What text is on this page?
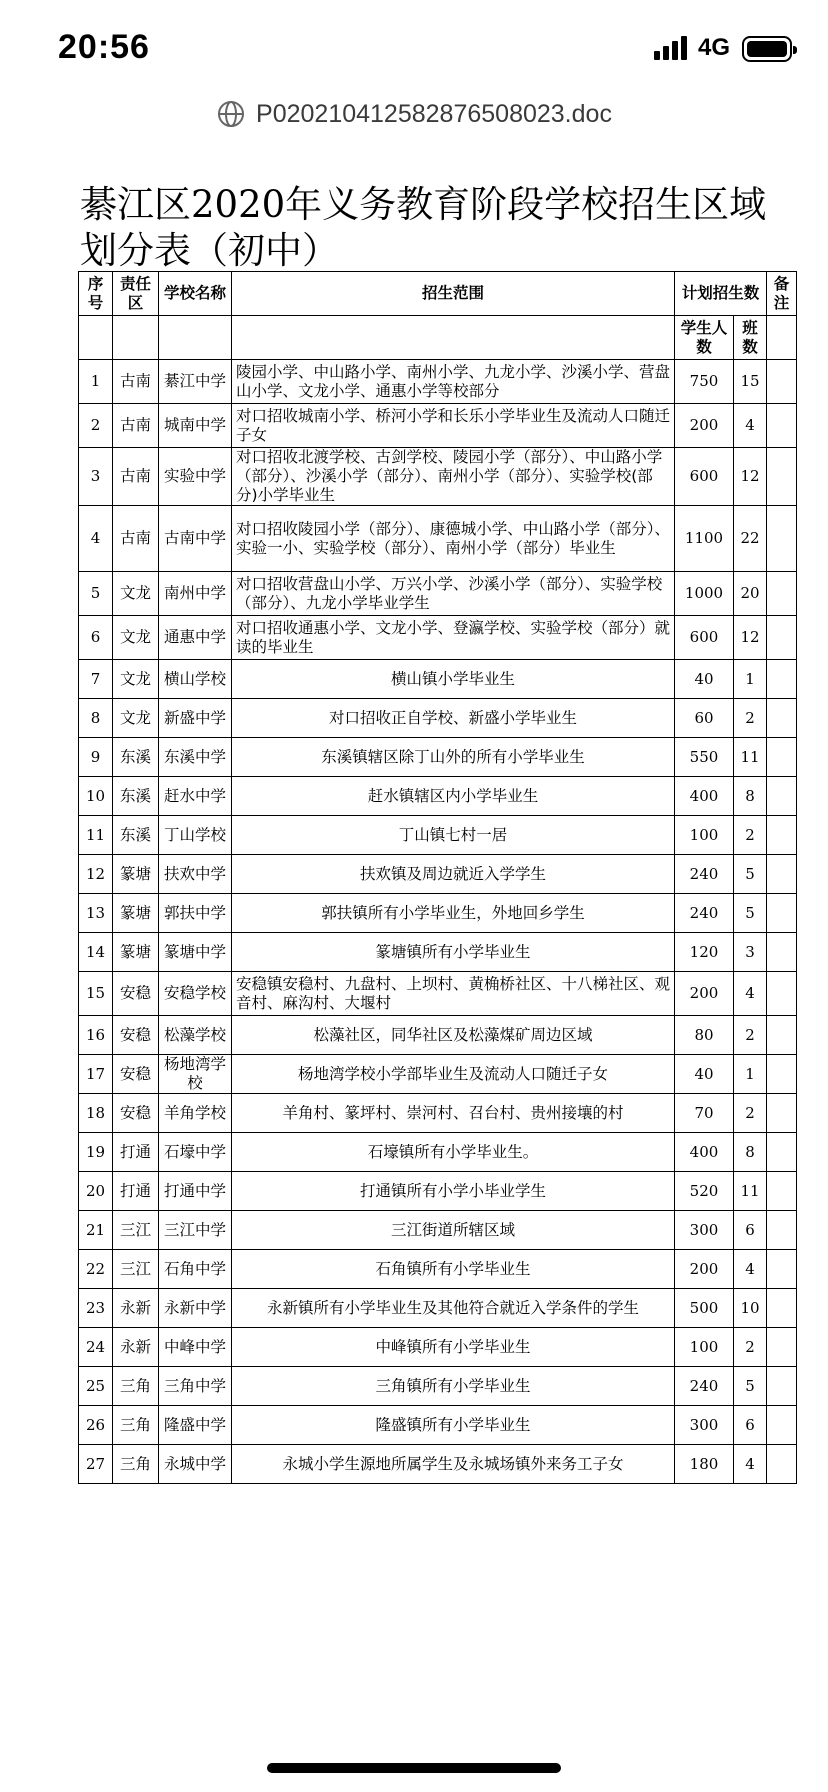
20:56	4G
P020210412582876508023.doc
綦江区2020年义务教育阶段学校招生区域划分表（初中）
序号	责任区	学校名称	招生范围	计划招生数		备注
				学生人数	班数	
1	古南	綦江中学	陵园小学、中山路小学、南州小学、九龙小学、沙溪小学、营盘山小学、文龙小学、通惠小学等校部分	750	15	
2	古南	城南中学	对口招收城南小学、桥河小学和长乐小学毕业生及流动人口随迁子女	200	4	
3	古南	实验中学	对口招收北渡学校、古剑学校、陵园小学（部分）、中山路小学（部分）、沙溪小学（部分）、南州小学（部分）、实验学校(部分)小学毕业生	600	12	
4	古南	古南中学	对口招收陵园小学（部分）、康德城小学、中山路小学（部分）、实验一小、实验学校（部分）、南州小学（部分）毕业生	1100	22	
5	文龙	南州中学	对口招收营盘山小学、万兴小学、沙溪小学（部分）、实验学校（部分）、九龙小学毕业学生	1000	20	
6	文龙	通惠中学	对口招收通惠小学、文龙小学、登瀛学校、实验学校（部分）就读的毕业生	600	12	
7	文龙	横山学校	横山镇小学毕业生	40	1	
8	文龙	新盛中学	对口招收正自学校、新盛小学毕业生	60	2	
9	东溪	东溪中学	东溪镇辖区除丁山外的所有小学毕业生	550	11	
10	东溪	赶水中学	赶水镇辖区内小学毕业生	400	8	
11	东溪	丁山学校	丁山镇七村一居	100	2	
12	篆塘	扶欢中学	扶欢镇及周边就近入学学生	240	5	
13	篆塘	郭扶中学	郭扶镇所有小学毕业生，外地回乡学生	240	5	
14	篆塘	篆塘中学	篆塘镇所有小学毕业生	120	3	
15	安稳	安稳学校	安稳镇安稳村、九盘村、上坝村、黄桷桥社区、十八梯社区、观音村、麻沟村、大堰村	200	4	
16	安稳	松藻学校	松藻社区，同华社区及松藻煤矿周边区域	80	2	
17	安稳	杨地湾学校	杨地湾学校小学部毕业生及流动人口随迁子女	40	1	
18	安稳	羊角学校	羊角村、篆坪村、崇河村、召台村、贵州接壤的村	70	2	
19	打通	石壕中学	石壕镇所有小学毕业生。	400	8	
20	打通	打通中学	打通镇所有小学小毕业学生	520	11	
21	三江	三江中学	三江街道所辖区域	300	6	
22	三江	石角中学	石角镇所有小学毕业生	200	4	
23	永新	永新中学	永新镇所有小学毕业生及其他符合就近入学条件的学生	500	10	
24	永新	中峰中学	中峰镇所有小学毕业生	100	2	
25	三角	三角中学	三角镇所有小学毕业生	240	5	
26	三角	隆盛中学	隆盛镇所有小学毕业生	300	6	
27	三角	永城中学	永城小学生源地所属学生及永城场镇外来务工子女	180	4	
